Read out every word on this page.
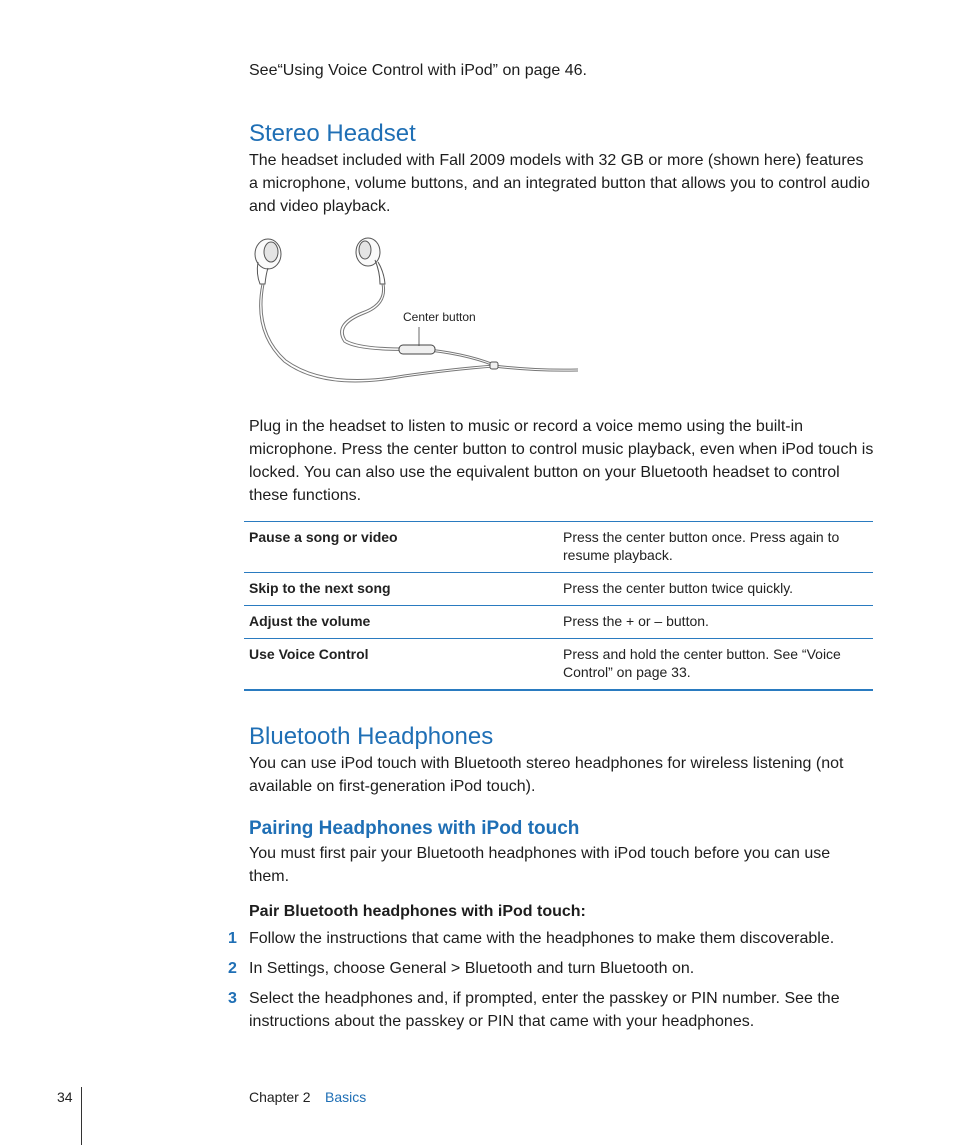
See“Using Voice Control with iPod” on page 46.
Stereo Headset
The headset included with Fall 2009 models with 32 GB or more (shown here) features a microphone, volume buttons, and an integrated button that allows you to control audio and video playback.
Center button
Plug in the headset to listen to music or record a voice memo using the built-in microphone. Press the center button to control music playback, even when iPod touch is locked. You can also use the equivalent button on your Bluetooth headset to control these functions.
Pause a song or video	Press the center button once. Press again to resume playback.
Skip to the next song	Press the center button twice quickly.
Adjust the volume	Press the + or – button.
Use Voice Control	Press and hold the center button. See “Voice Control” on page 33.
Bluetooth Headphones
You can use iPod touch with Bluetooth stereo headphones for wireless listening (not available on first-generation iPod touch).
Pairing Headphones with iPod touch
You must first pair your Bluetooth headphones with iPod touch before you can use them.
Pair Bluetooth headphones with iPod touch:
1 Follow the instructions that came with the headphones to make them discoverable.
2 In Settings, choose General > Bluetooth and turn Bluetooth on.
3 Select the headphones and, if prompted, enter the passkey or PIN number. See the instructions about the passkey or PIN that came with your headphones.
34	Chapter 2 Basics
